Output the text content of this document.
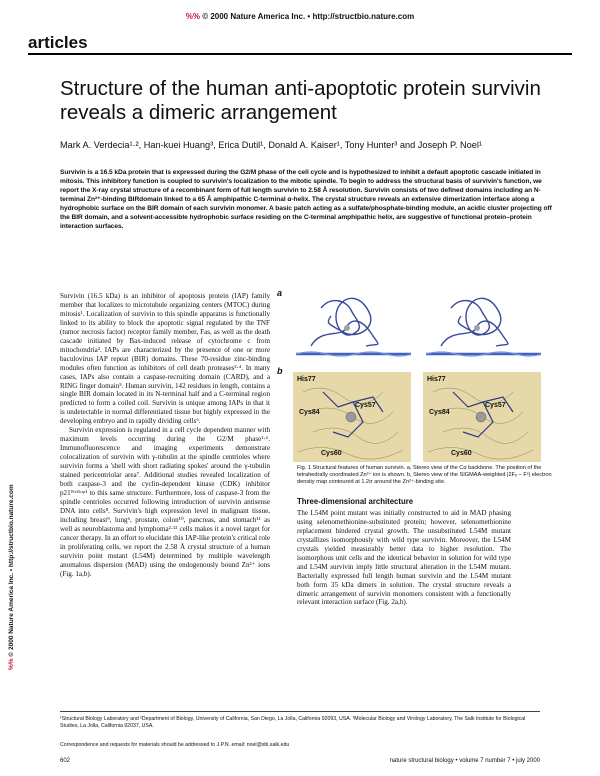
%% © 2000 Nature America Inc. • http://structbio.nature.com
articles
Structure of the human anti-apoptotic protein survivin reveals a dimeric arrangement
Mark A. Verdecia¹·², Han-kuei Huang³, Erica Dutil¹, Donald A. Kaiser¹, Tony Hunter³ and Joseph P. Noel¹
Survivin is a 16.5 kDa protein that is expressed during the G2/M phase of the cell cycle and is hypothesized to inhibit a default apoptotic cascade initiated in mitosis. This inhibitory function is coupled to survivin's localization to the mitotic spindle. To begin to address the structural basis of survivin's function, we report the X-ray crystal structure of a recombinant form of full length survivin to 2.58 Å resolution. Survivin consists of two defined domains including an N-terminal Zn²⁺-binding BIRdomain linked to a 65 Å amphipathic C-terminal α-helix. The crystal structure reveals an extensive dimerization interface along a hydrophobic surface on the BIR domain of each survivin monomer. A basic patch acting as a sulfate/phosphate-binding module, an acidic cluster projecting off the BIR domain, and a solvent-accessible hydrophobic surface residing on the C-terminal amphipathic helix, are suggestive of functional protein–protein interaction surfaces.
%% © 2000 Nature America Inc. • http://structbio.nature.com

Survivin (16.5 kDa) is an inhibitor of apoptosis protein (IAP) family member that localizes to microtubule organizing centers (MTOC) during mitosis¹. Localization of survivin to this spindle apparatus is functionally linked to its ability to block the apoptotic signal regulated by the TNF (tumor necrosis factor) receptor family member, Fas, as well as the death cascade initiated by Bax-induced release of cytochrome c from mitochondria². IAPs are characterized by the presence of one or more baculovirus IAP repeat (BIR) domains. These 70-residue zinc-binding modules often function as inhibitors of cell death proteases³·⁴. In many cases, IAPs also contain a caspase-recruiting domain (CARD), and a RING finger domain⁵. Human survivin, 142 residues in length, contains a single BIR domain located in its N-terminal half and a C-terminal region predicted to form a coiled coil. Survivin is unique among IAPs in that it is undetectable in normal differentiated tissue but highly expressed in the developing embryo and in rapidly dividing cells⁶.

Survivin expression is regulated in a cell cycle dependent manner with maximum levels occurring during the G2/M phase¹·⁶. Immunofluorescence and imaging experiments demonstrate colocalization of survivin with γ-tubulin at the spindle centrioles where survivin forms a 'shell with short radiating spokes' around the γ-tubulin stained pericentriolar area⁷. Additional studies revealed localization of both caspase-3 and the cyclin-dependent kinase (CDK) inhibitor p21ᵂᵃᶠ¹ᶜᶦᵖ¹ to this same structure. Furthermore, loss of caspase-3 from the spindle centrioles occurred following introduction of survivin antisense DNA into cells⁸. Survivin's high expression level in malignant tissue, including breast⁹, lung⁶, prostate, colon¹⁰, pancreas, and stomach¹¹ as well as neuroblastoma and lymphoma²·¹² cells makes it a novel target for cancer therapy. In an effort to elucidate this IAP-like protein's critical role in proliferating cells, we report the 2.58 Å crystal structure of a human survivin point mutant (L54M) determined by multiple wavelength anomalous dispersion (MAD) using the endogenously bound Zn²⁺ ions (Fig. 1a,b).

a
b
His77
Cys57
Cys84
Cys60
His77
Cys57
Cys84
Cys60
Fig. 1 Structural features of human survivin. a, Stereo view of the Cα backbone. The position of the tetrahedrally coordinated Zn²⁺ ion is shown. b, Stereo view of the SIGMAA-weighted |2Fₒ – Fᶜ| electron density map contoured at 1.2σ around the Zn²⁺-binding site.
Three-dimensional architecture

The L54M point mutant was initially constructed to aid in MAD phasing using selenomethionine-substituted protein; however, selenomethionine replacement hindered crystal growth. The unsubstituted L54M mutant crystallizes isomorphously with wild type survivin. Moreover, the L54M crystals yielded measurably better data to higher resolution. The isomorphous unit cells and the identical behavior in solution for wild type and L54M survivin imply little structural alteration in the L54M mutant. Bacterially expressed full length human survivin and the L54M mutant both form 35 kDa dimers in solution. The crystal structure reveals a dimeric arrangement of survivin monomers consistent with a functionally relevant interaction surface (Fig. 2a,b).

¹Structural Biology Laboratory and ²Department of Biology, University of California, San Diego, La Jolla, California 92093, USA. ³Molecular Biology and Virology Laboratory, The Salk Institute for Biological Studies, La Jolla, California 92037, USA.
Correspondence and requests for materials should be addressed to J.P.N. email: noel@sbl.salk.edu
602	nature structural biology • volume 7 number 7 • july 2000
